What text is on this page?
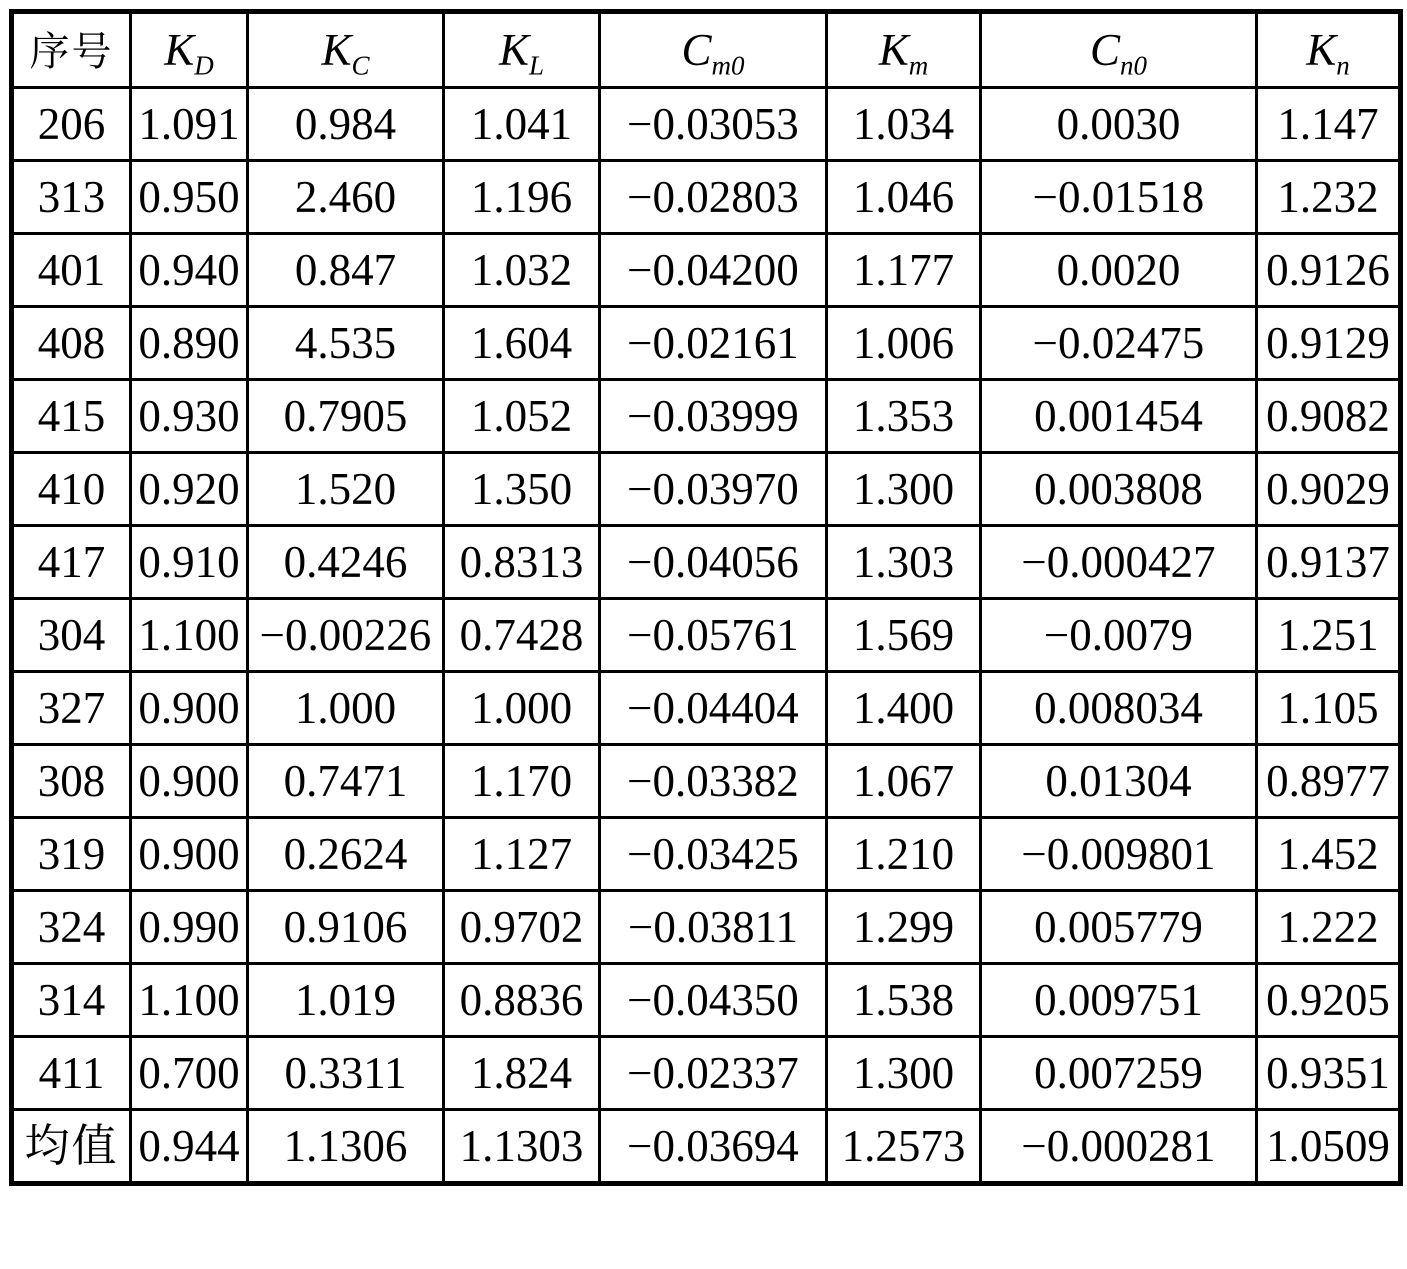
序号	$K_D$	$K_C$	$K_L$	$C_{m0}$	$K_m$	$C_{n0}$	$K_n$
206	1.091	0.984	1.041	−0.03053	1.034	0.0030	1.147
313	0.950	2.460	1.196	−0.02803	1.046	−0.01518	1.232
401	0.940	0.847	1.032	−0.04200	1.177	0.0020	0.9126
408	0.890	4.535	1.604	−0.02161	1.006	−0.02475	0.9129
415	0.930	0.7905	1.052	−0.03999	1.353	0.001454	0.9082
410	0.920	1.520	1.350	−0.03970	1.300	0.003808	0.9029
417	0.910	0.4246	0.8313	−0.04056	1.303	−0.000427	0.9137
304	1.100	−0.00226	0.7428	−0.05761	1.569	−0.0079	1.251
327	0.900	1.000	1.000	−0.04404	1.400	0.008034	1.105
308	0.900	0.7471	1.170	−0.03382	1.067	0.01304	0.8977
319	0.900	0.2624	1.127	−0.03425	1.210	−0.009801	1.452
324	0.990	0.9106	0.9702	−0.03811	1.299	0.005779	1.222
314	1.100	1.019	0.8836	−0.04350	1.538	0.009751	0.9205
411	0.700	0.3311	1.824	−0.02337	1.300	0.007259	0.9351
均值	0.944	1.1306	1.1303	−0.03694	1.2573	−0.000281	1.0509
